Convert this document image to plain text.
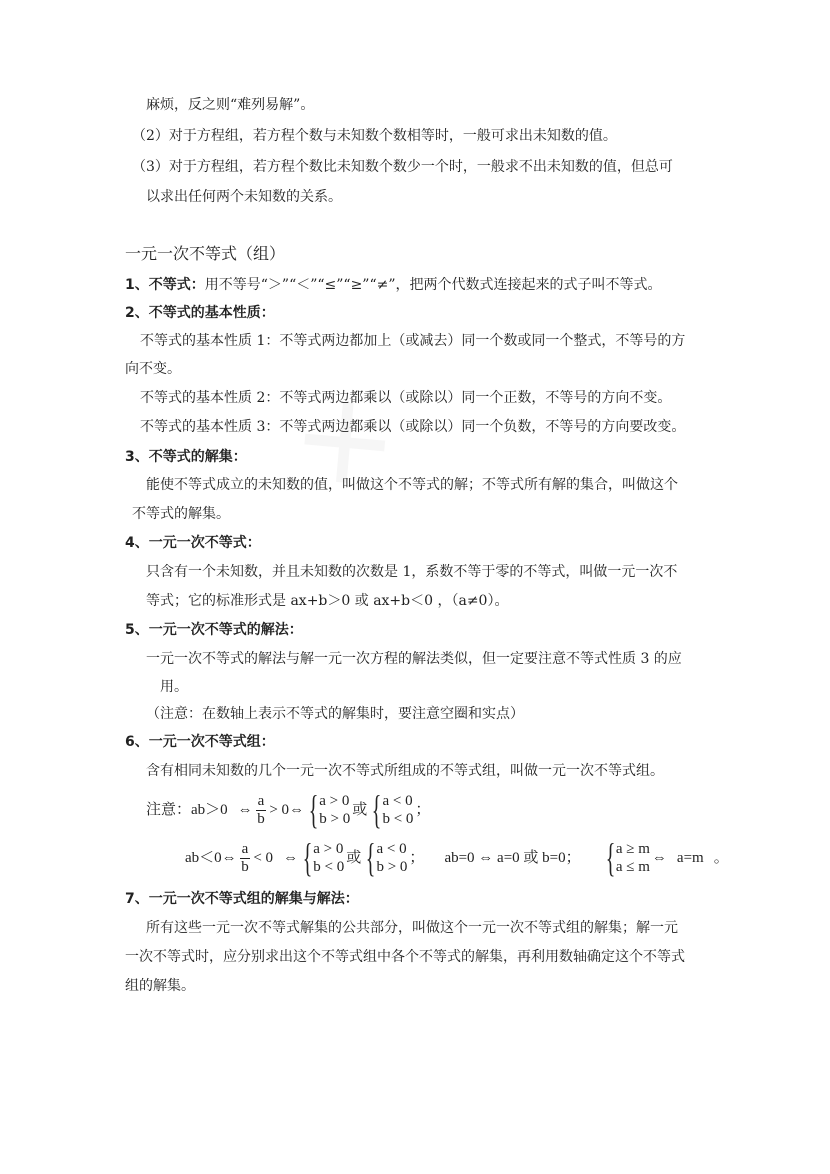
麻烦，反之则“难列易解”。
（2）对于方程组，若方程个数与未知数个数相等时，一般可求出未知数的值。
（3）对于方程组，若方程个数比未知数个数少一个时，一般求不出未知数的值，但总可
以求出任何两个未知数的关系。
一元一次不等式（组）
1、不等式：用不等号“＞”“＜”“≤”“≥”“≠”，把两个代数式连接起来的式子叫不等式。
2、不等式的基本性质：
不等式的基本性质 1：不等式两边都加上（或减去）同一个数或同一个整式，不等号的方
向不变。
不等式的基本性质 2：不等式两边都乘以（或除以）同一个正数，不等号的方向不变。
不等式的基本性质 3：不等式两边都乘以（或除以）同一个负数，不等号的方向要改变。
3、不等式的解集：
能使不等式成立的未知数的值，叫做这个不等式的解；不等式所有解的集合，叫做这个
不等式的解集。
4、一元一次不等式：
只含有一个未知数，并且未知数的次数是 1，系数不等于零的不等式，叫做一元一次不
等式；它的标准形式是 ax+b＞0 或 ax+b＜0 ，（a≠0）。
5、一元一次不等式的解法：
一元一次不等式的解法与解一元一次方程的解法类似，但一定要注意不等式性质 3 的应
用。
（注意：在数轴上表示不等式的解集时，要注意空圈和实点）
6、一元一次不等式组：
含有相同未知数的几个一元一次不等式所组成的不等式组，叫做一元一次不等式组。
注意：ab＞0 ⇔ $\frac{a}{b} > 0$ ⇔ { a > 0
b > 0
或 { a < 0
b < 0
；
ab＜0 ⇔ $\frac{a}{b} < 0$ ⇔ { a > 0
b < 0
或 { a < 0
b > 0
； ab=0 ⇔ a=0 或 b=0； { a ≥ m
a ≤ m
⇔ a=m 。
7、一元一次不等式组的解集与解法：
所有这些一元一次不等式解集的公共部分，叫做这个一元一次不等式组的解集；解一元
一次不等式时，应分别求出这个不等式组中各个不等式的解集，再利用数轴确定这个不等式
组的解集。
